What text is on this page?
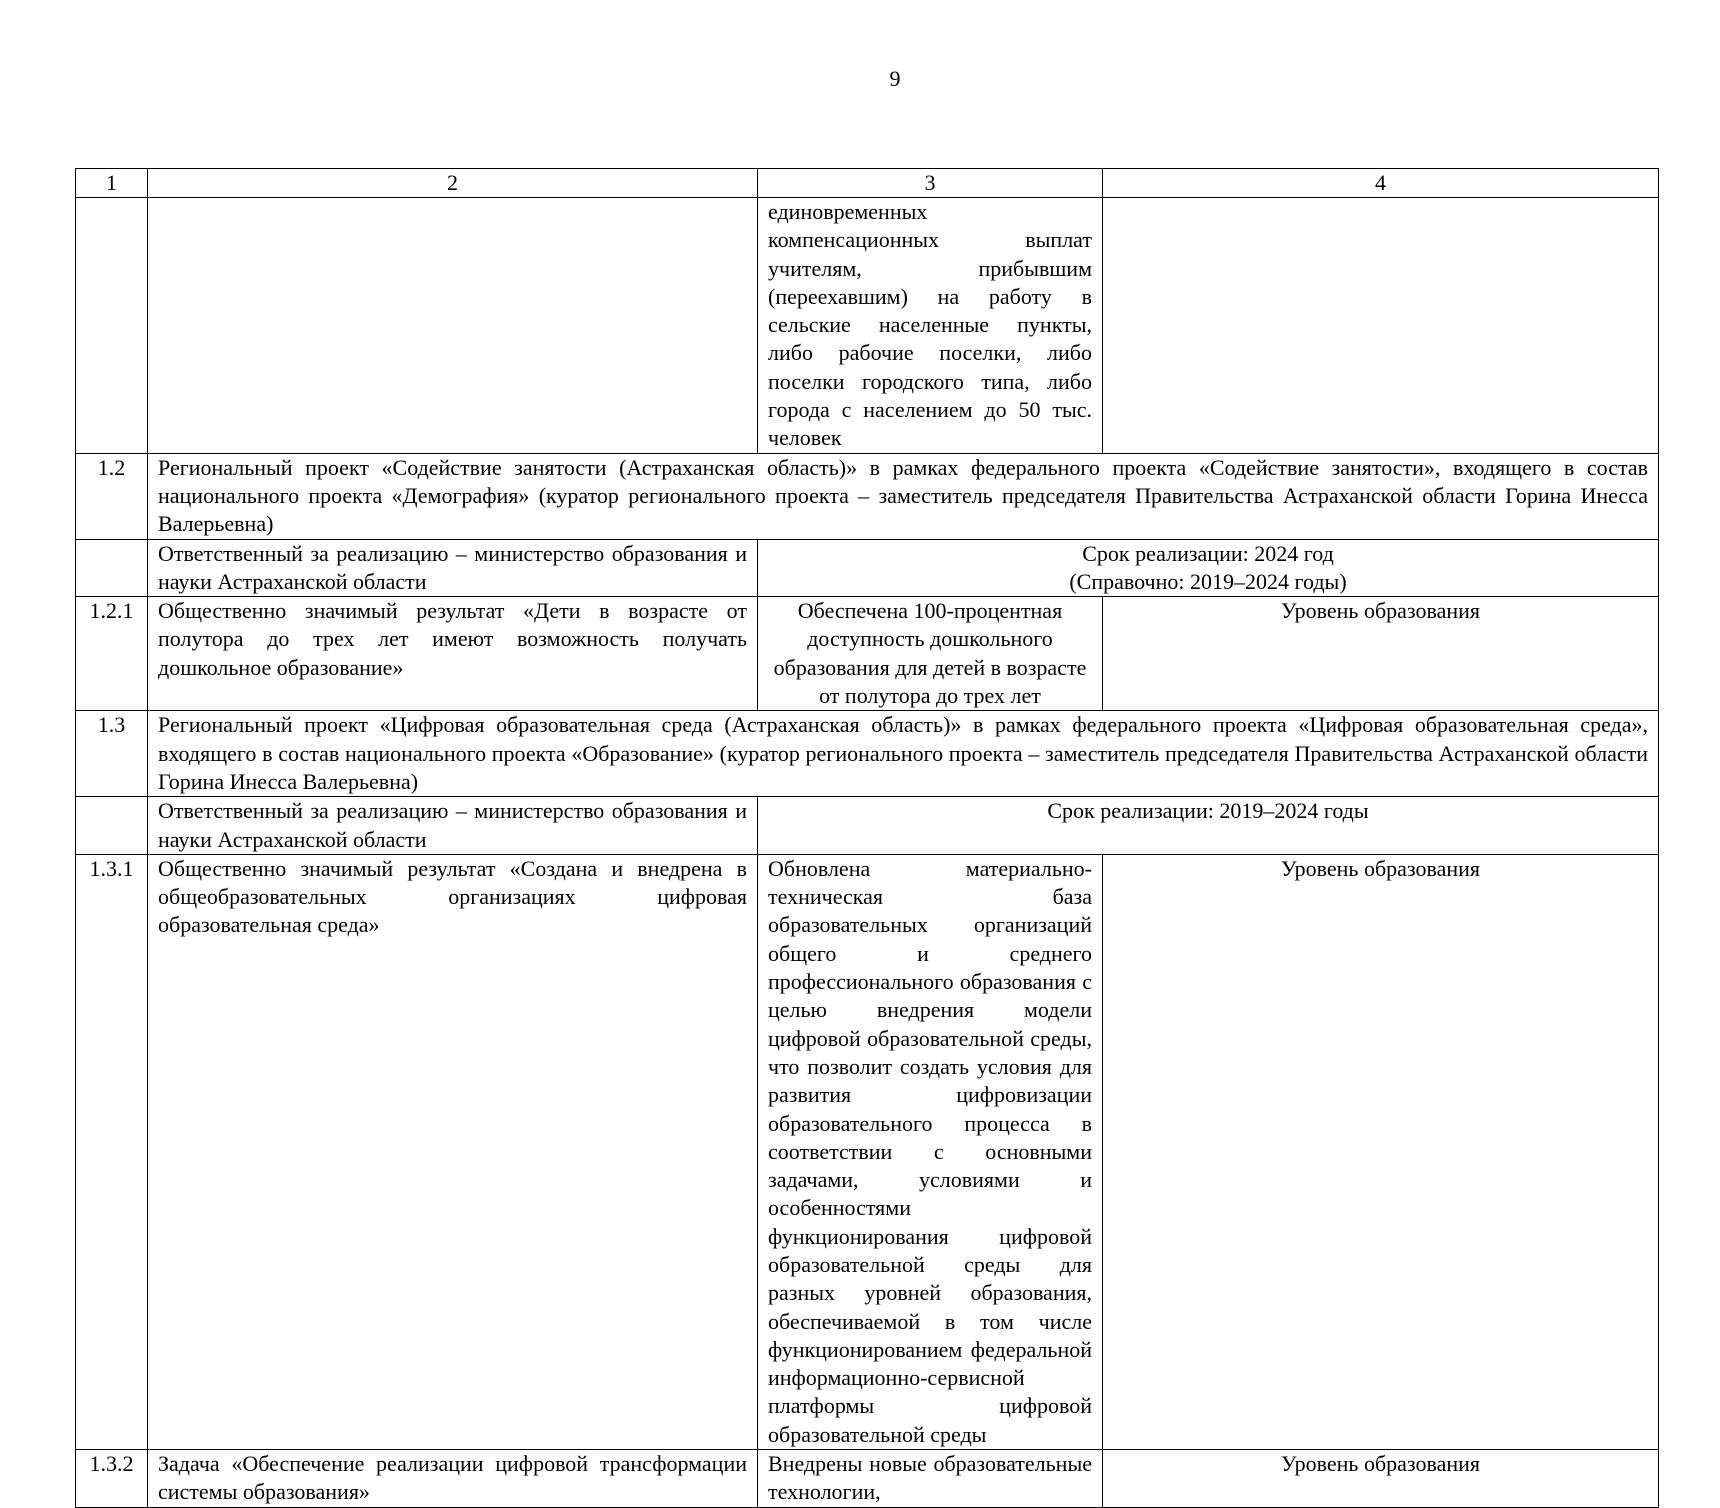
9
1	2	3	4
		единовременных компенсационных выплат учителям, прибывшим (переехавшим) на работу в сельские населенные пункты, либо рабочие поселки, либо поселки городского типа, либо города с населением до 50 тыс. человек	
1.2	Региональный проект «Содействие занятости (Астраханская область)» в рамках федерального проекта «Содействие занятости», входящего в состав национального проекта «Демография» (куратор регионального проекта – заместитель председателя Правительства Астраханской области Горина Инесса Валерьевна)		
	Ответственный за реализацию – министерство образования и науки Астраханской области	Срок реализации: 2024 год
(Справочно: 2019–2024 годы)	

1.2.1	Общественно значимый результат «Дети в возрасте от полутора до трех лет имеют возможность получать дошкольное образование»	Обеспечена 100-процентная доступность дошкольного образования для детей в возрасте от полутора до трех лет	Уровень образования
1.3	Региональный проект «Цифровая образовательная среда (Астраханская область)» в рамках федерального проекта «Цифровая образовательная среда», входящего в состав национального проекта «Образование» (куратор регионального проекта – заместитель председателя Правительства Астраханской области Горина Инесса Валерьевна)		
	Ответственный за реализацию – министерство образования и науки Астраханской области	Срок реализации: 2019–2024 годы	
1.3.1	Общественно значимый результат «Создана и внедрена в общеобразовательных организациях цифровая образовательная среда»	Обновлена материально-техническая база образовательных организаций общего и среднего профессионального образования с целью внедрения модели цифровой образовательной среды, что позволит создать условия для развития цифровизации образовательного процесса в соответствии с основными задачами, условиями и особенностями функционирования цифровой образовательной среды для разных уровней образования, обеспечиваемой в том числе функционированием федеральной информационно-сервисной платформы цифровой образовательной среды	Уровень образования
1.3.2	Задача «Обеспечение реализации цифровой трансформации системы образования»	Внедрены новые образовательные технологии,	Уровень образования
